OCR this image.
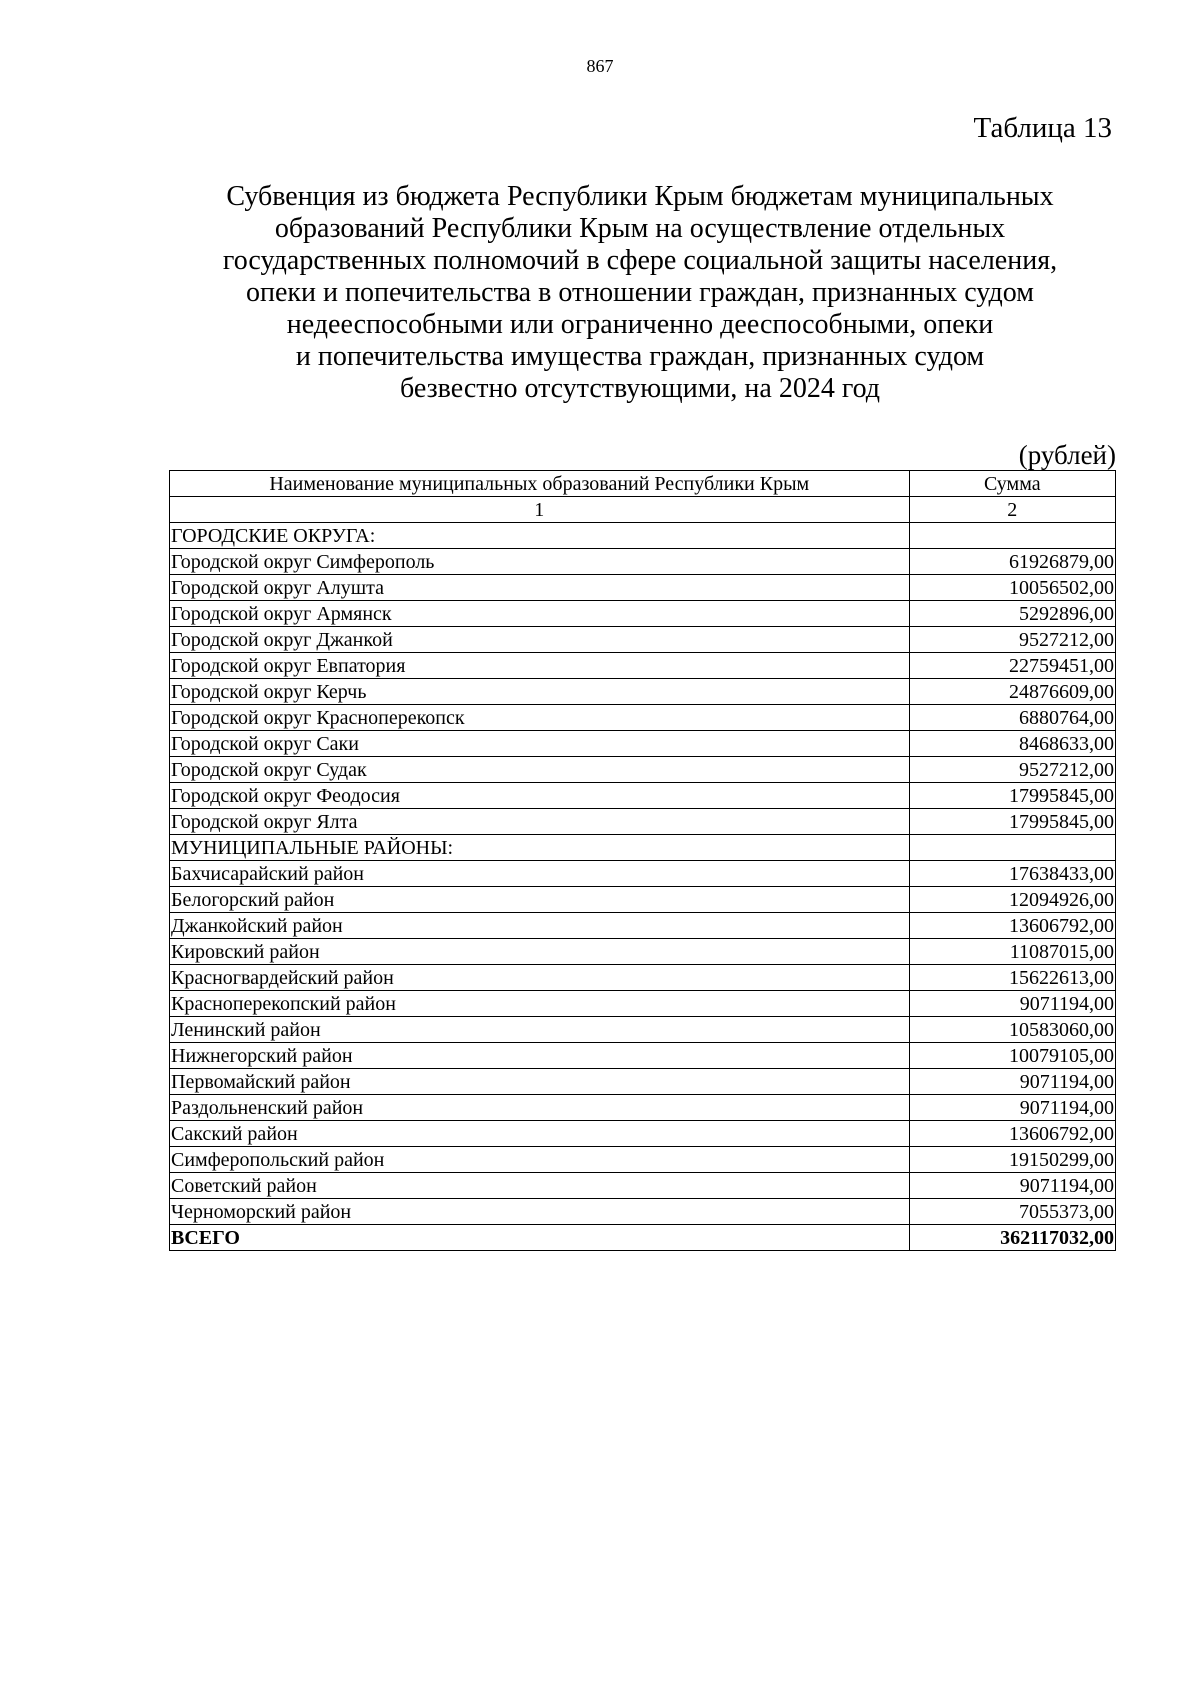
867
Таблица 13
Субвенция из бюджета Республики Крым бюджетам муниципальных
образований Республики Крым на осуществление отдельных
государственных полномочий в сфере социальной защиты населения,
опеки и попечительства в отношении граждан, признанных судом
недееспособными или ограниченно дееспособными, опеки
и попечительства имущества граждан, признанных судом
безвестно отсутствующими, на 2024 год
(рублей)
Наименование муниципальных образований Республики Крым	Сумма
1	2
ГОРОДСКИЕ ОКРУГА:	
Городской округ Симферополь	61926879,00
Городской округ Алушта	10056502,00
Городской округ Армянск	5292896,00
Городской округ Джанкой	9527212,00
Городской округ Евпатория	22759451,00
Городской округ Керчь	24876609,00
Городской округ Красноперекопск	6880764,00
Городской округ Саки	8468633,00
Городской округ Судак	9527212,00
Городской округ Феодосия	17995845,00
Городской округ Ялта	17995845,00
МУНИЦИПАЛЬНЫЕ РАЙОНЫ:	
Бахчисарайский район	17638433,00
Белогорский район	12094926,00
Джанкойский район	13606792,00
Кировский район	11087015,00
Красногвардейский район	15622613,00
Красноперекопский район	9071194,00
Ленинский район	10583060,00
Нижнегорский район	10079105,00
Первомайский район	9071194,00
Раздольненский район	9071194,00
Сакский район	13606792,00
Симферопольский район	19150299,00
Советский район	9071194,00
Черноморский район	7055373,00
ВСЕГО	362117032,00
